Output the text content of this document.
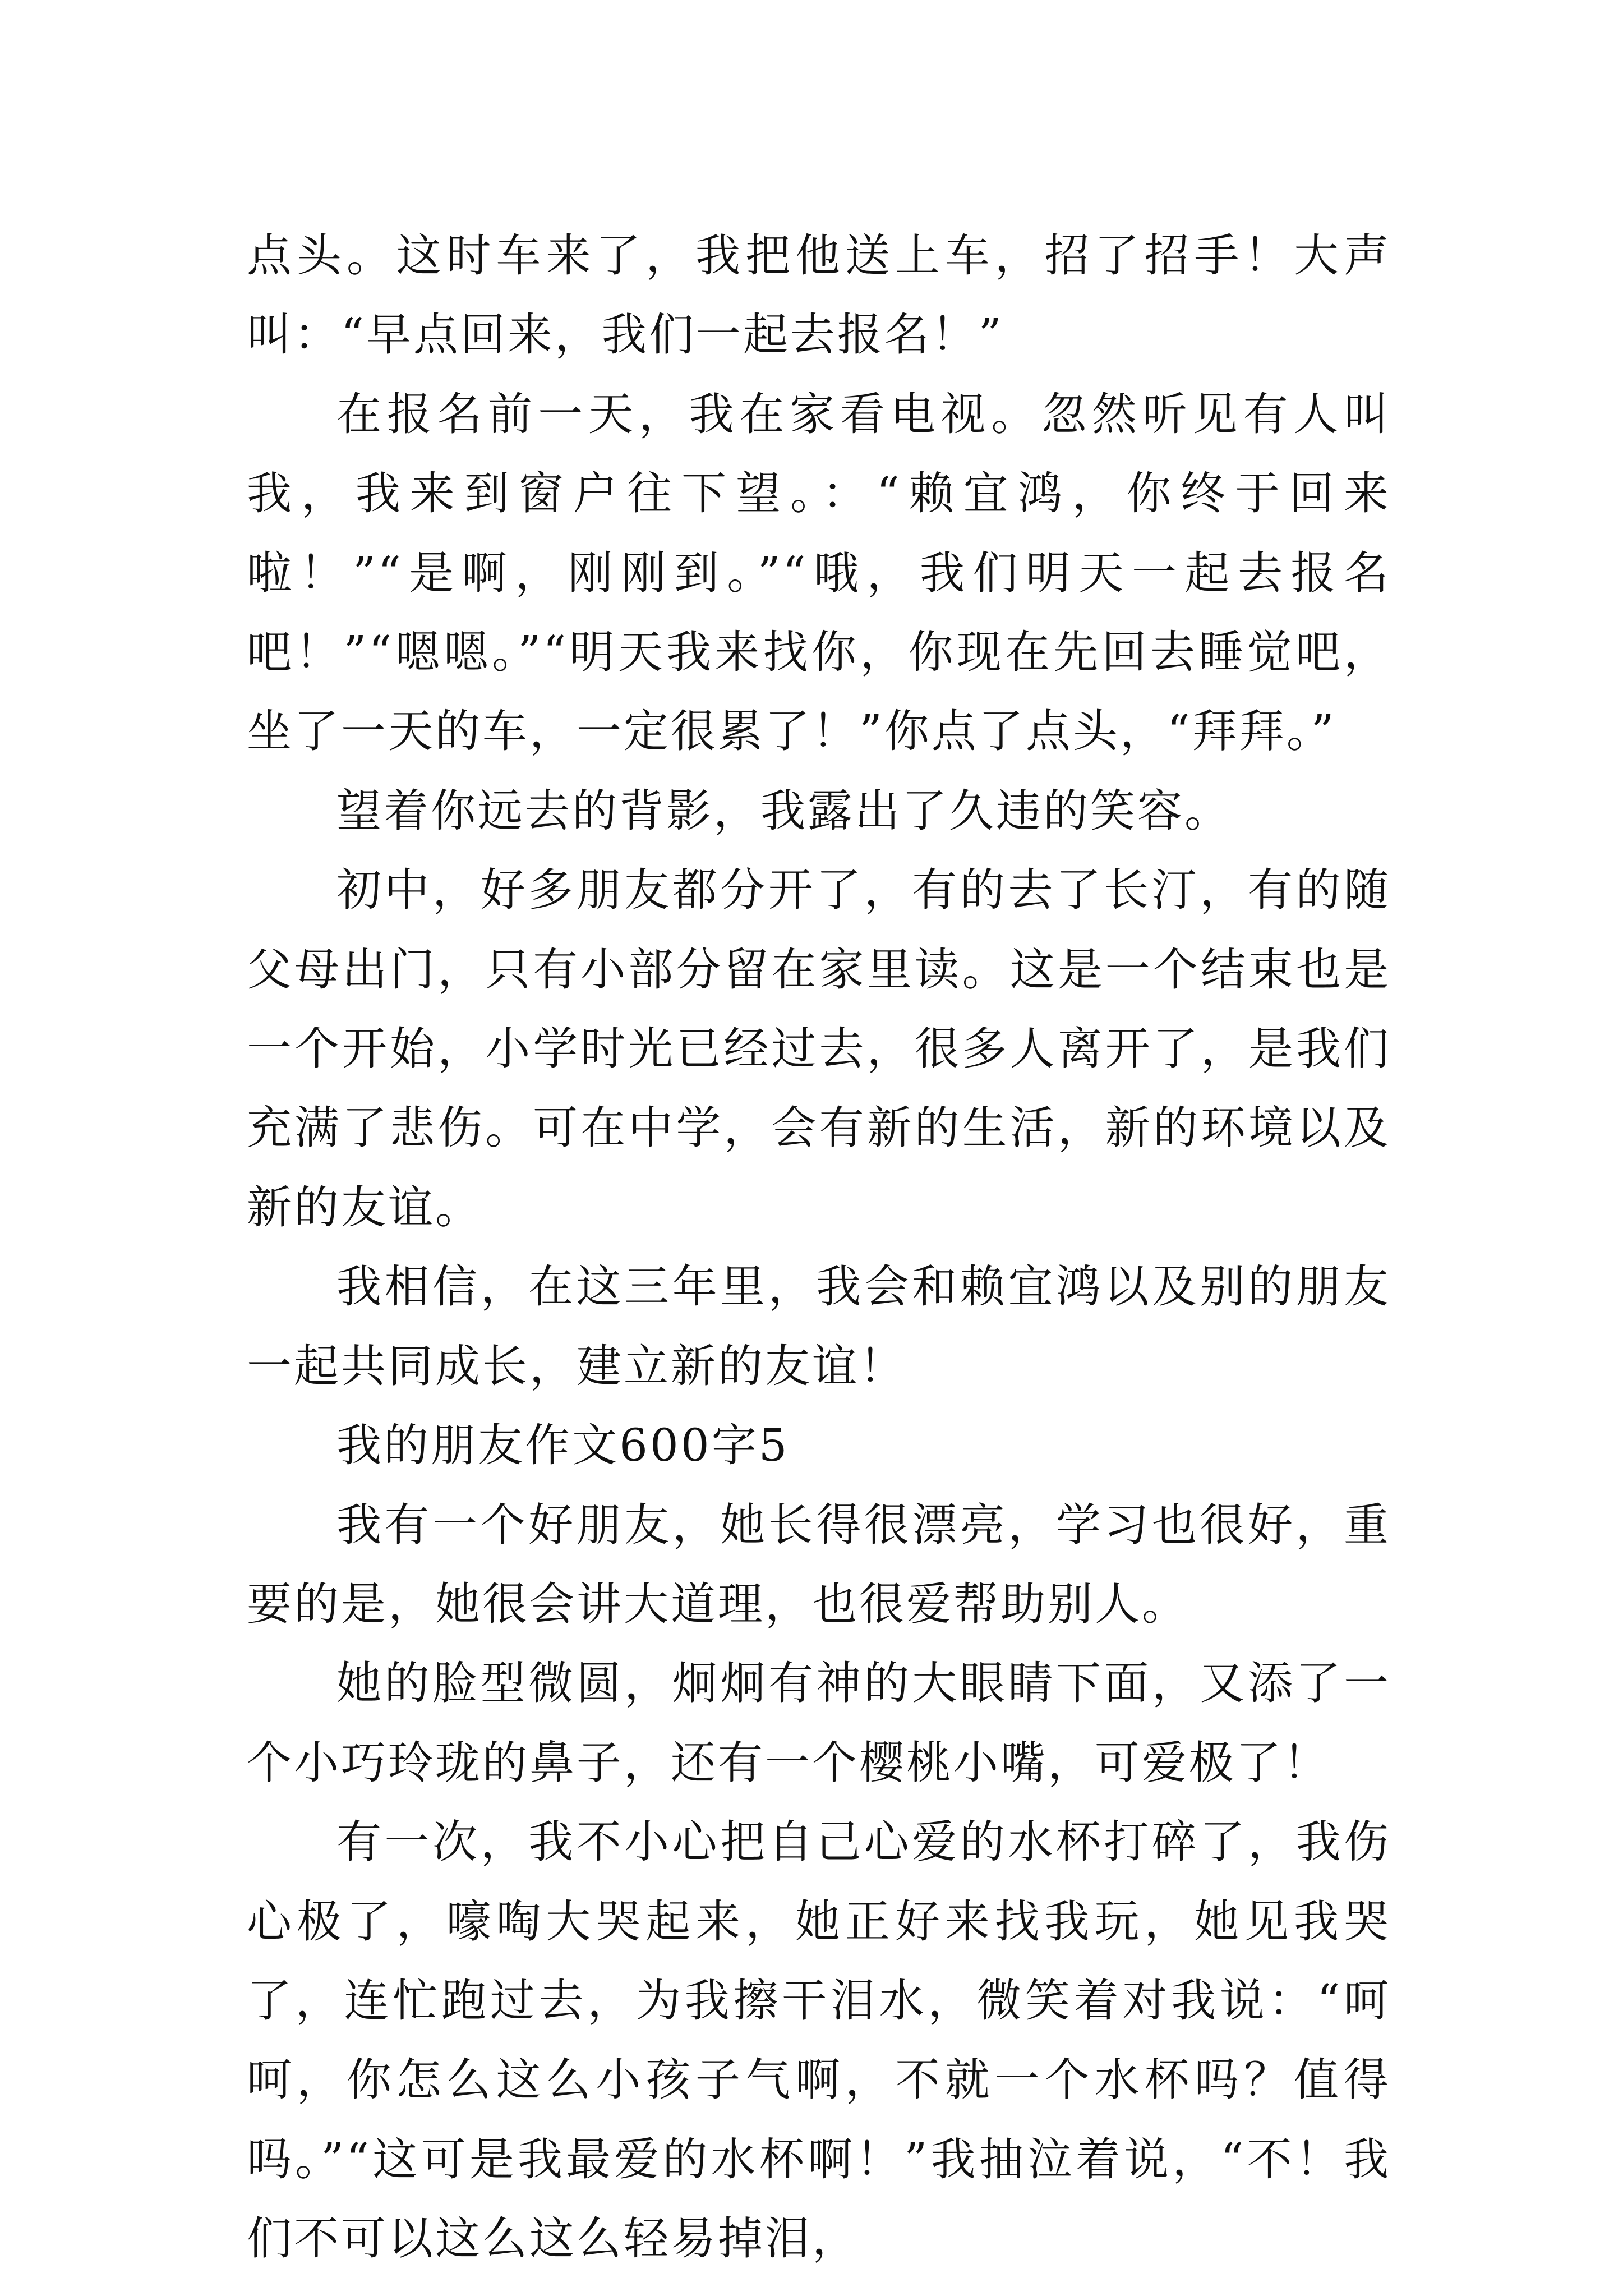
点头。这时车来了，我把他送上车，招了招手！大声叫：“早点回来，我们一起去报名！”

在报名前一天，我在家看电视。忽然听见有人叫我，我来到窗户往下望。：“赖宜鸿，你终于回来啦！”“是啊，刚刚到。”“哦，我们明天一起去报名吧！”“嗯嗯。”“明天我来找你，你现在先回去睡觉吧，坐了一天的车，一定很累了！”你点了点头，“拜拜。”

望着你远去的背影，我露出了久违的笑容。

初中，好多朋友都分开了，有的去了长汀，有的随父母出门，只有小部分留在家里读。这是一个结束也是一个开始，小学时光已经过去，很多人离开了，是我们充满了悲伤。可在中学，会有新的生活，新的环境以及新的友谊。

我相信，在这三年里，我会和赖宜鸿以及别的朋友一起共同成长，建立新的友谊！

我的朋友作文600字5

我有一个好朋友，她长得很漂亮，学习也很好，重要的是，她很会讲大道理，也很爱帮助别人。

她的脸型微圆，炯炯有神的大眼睛下面，又添了一个小巧玲珑的鼻子，还有一个樱桃小嘴，可爱极了！

有一次，我不小心把自己心爱的水杯打碎了，我伤心极了，嚎啕大哭起来，她正好来找我玩，她见我哭了，连忙跑过去，为我擦干泪水，微笑着对我说：“呵呵，你怎么这么小孩子气啊，不就一个水杯吗？值得吗。”“这可是我最爱的水杯啊！”我抽泣着说，“不！我们不可以这么这么轻易掉泪，
